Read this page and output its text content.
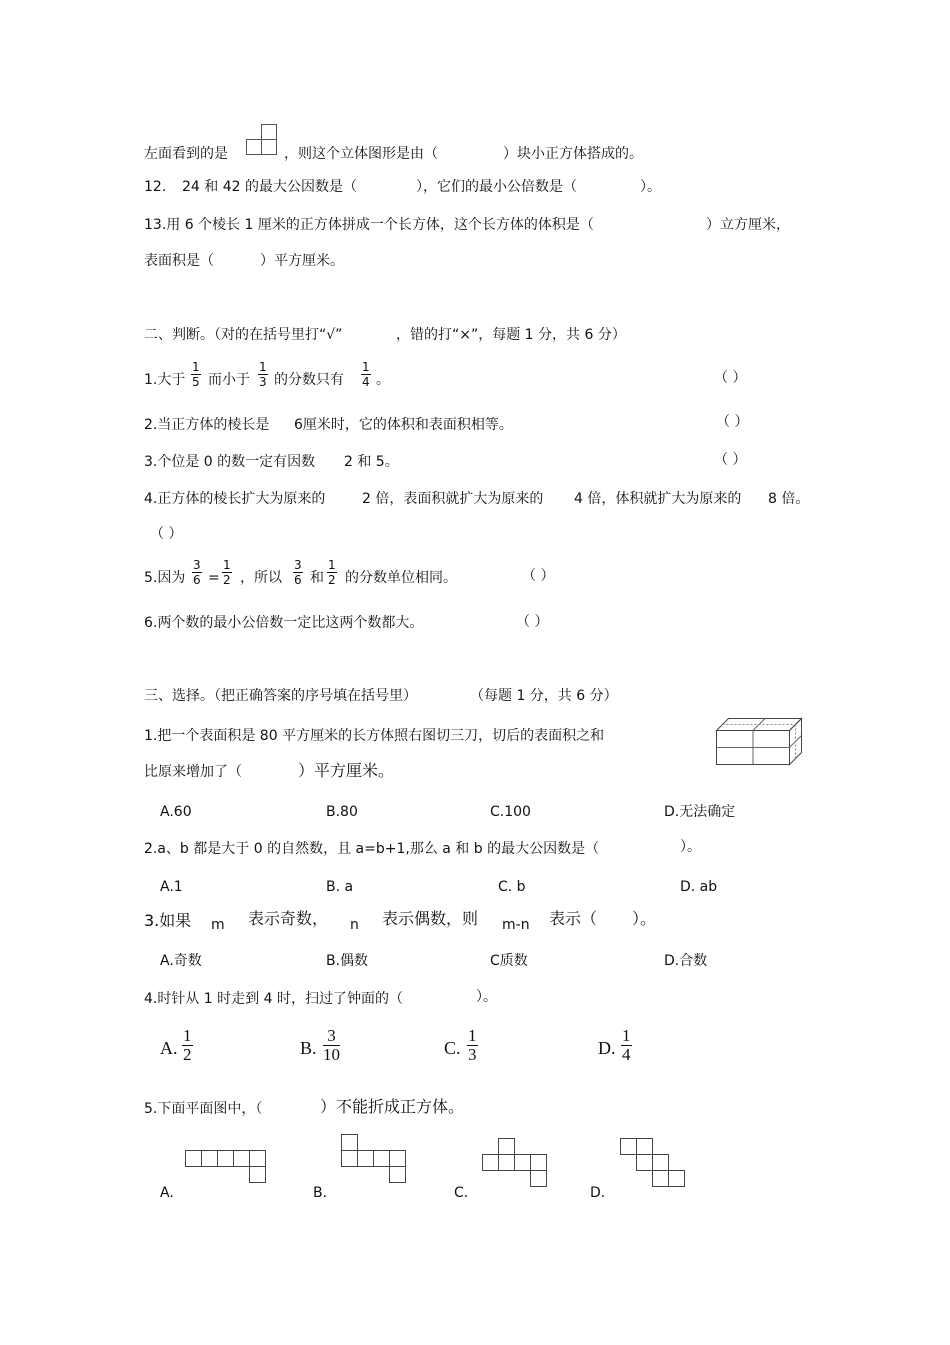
左面看到的是	，则这个立体图形是由（	）块小正方体搭成的。
12. 24 和 42 的最大公因数是（	），它们的最小公倍数是（	）。
13.用 6 个棱长 1 厘米的正方体拼成一个长方体，这个长方体的体积是（	）立方厘米，
表面积是（	）平方厘米。
二、判断。（对的在括号里打“√”	，错的打“×”，每题 1 分，共 6 分）
1.大于 $\frac{1}{5}$ 而小于 $\frac{1}{3}$ 的分数只有 $\frac{1}{4}$ 。	（ ）
2.当正方体的棱长是 6厘米时，它的体积和表面积相等。	（ ）
3.个位是 0 的数一定有因数 2 和 5。	（ ）
4.正方体的棱长扩大为原来的	2 倍，表面积就扩大为原来的 4 倍，体积就扩大为原来的 8 倍。
（ ）
5.因为 $\frac{3}{6} = \frac{1}{2}$ ，所以 $\frac{3}{6}$ 和 $\frac{1}{2}$ 的分数单位相同。	（ ）
6.两个数的最小公倍数一定比这两个数都大。	（ ）
三、选择。（把正确答案的序号填在括号里）	（每题 1 分，共 6 分）
1.把一个表面积是 80 平方厘米的长方体照右图切三刀，切后的表面积之和
比原来增加了（	）平方厘米。
A.60	B.80	C.100	D.无法确定
2.a、b 都是大于 0 的自然数，且 a=b+1,那么 a 和 b 的最大公因数是（	）。
A.1	B. a	C. b	D. ab
3.如果 m 表示奇数， n 表示偶数，则 m-n 表示（ ）。
A.奇数	B.偶数	C质数	D.合数
4.时针从 1 时走到 4 时，扫过了钟面的（	）。
A.
1
2	B.
3
10	C.
1
3	D.
1
4
5.下面平面图中，（	）不能折成正方体。
A.	B.	C.	D.
